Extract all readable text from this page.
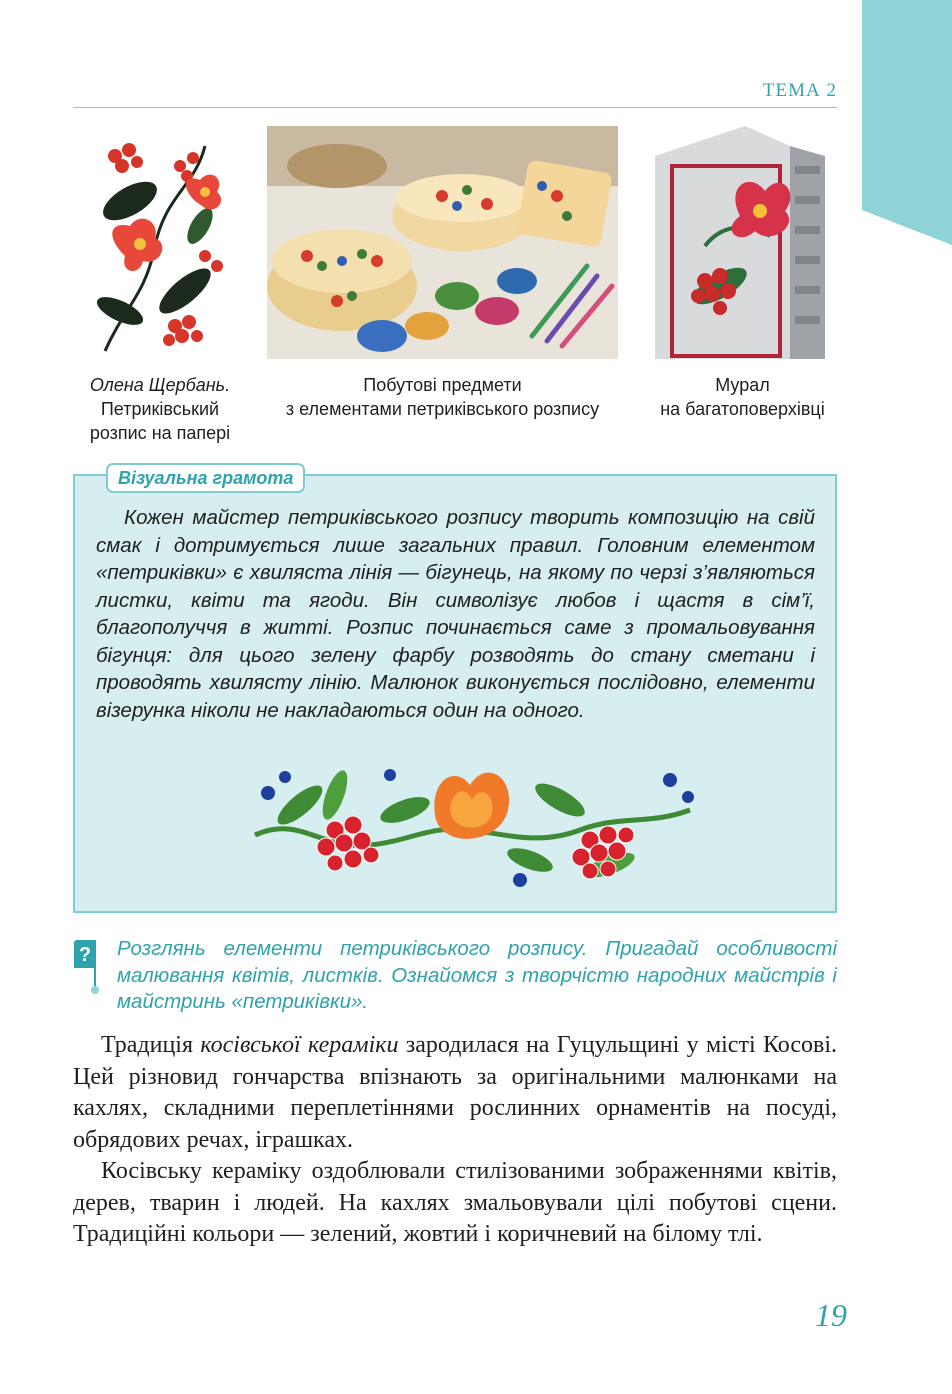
ТЕМА 2
Олена Щербань.
Петриківський
розпис на папері
Побутові предмети
з елементами петриківського розпису
Мурал
на багатоповерхівці
Візуальна грамота

Кожен майстер петриківського розпису творить композицію на свій смак і дотримується лише загальних правил. Головним елементом «петриківки» є хвиляста лінія — бігунець, на якому по черзі з’являються листки, квіти та ягоди. Він символізує любов і щастя в сім’ї, благополуччя в житті. Розпис починається саме з промальовування бігунця: для цього зелену фарбу розводять до стану сметани і проводять хвилясту лінію. Малюнок виконується послідовно, елементи візерунка ніколи не накладаються один на одного.

? Розглянь елементи петриківського розпису. Пригадай особливості малювання квітів, листків. Ознайомся з творчістю народних майстрів і майстринь «петриківки».

Традиція косівської кераміки зародилася на Гуцульщині у місті Косові. Цей різновид гончарства впізнають за оригінальними малюнками на кахлях, складними переплетіннями рослинних орнаментів на посуді, обрядових речах, іграшках.

Косівську кераміку оздоблювали стилізованими зображеннями квітів, дерев, тварин і людей. На кахлях змальовували цілі побутові сцени. Традиційні кольори — зелений, жовтий і коричневий на білому тлі.

19
